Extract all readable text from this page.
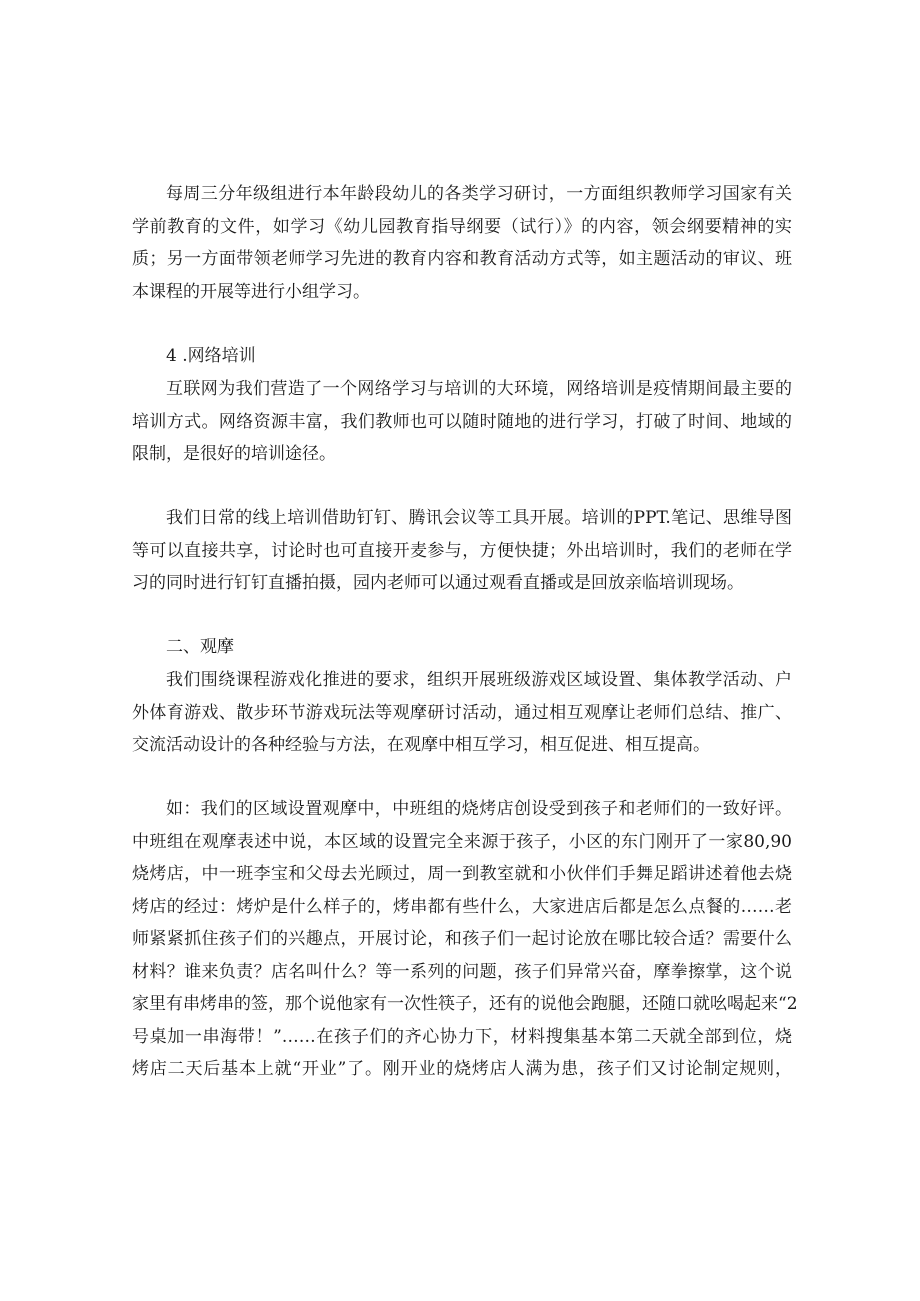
每周三分年级组进行本年龄段幼儿的各类学习研讨，一方面组织教师学习国家有关
学前教育的文件，如学习《幼儿园教育指导纲要（试行）》的内容，领会纲要精神的实
质；另一方面带领老师学习先进的教育内容和教育活动方式等，如主题活动的审议、班
本课程的开展等进行小组学习。
4 .网络培训
互联网为我们营造了一个网络学习与培训的大环境，网络培训是疫情期间最主要的
培训方式。网络资源丰富，我们教师也可以随时随地的进行学习，打破了时间、地域的
限制，是很好的培训途径。
我们日常的线上培训借助钉钉、腾讯会议等工具开展。培训的PPT.笔记、思维导图
等可以直接共享，讨论时也可直接开麦参与，方便快捷；外出培训时，我们的老师在学
习的同时进行钉钉直播拍摄，园内老师可以通过观看直播或是回放亲临培训现场。
二、观摩
我们围绕课程游戏化推进的要求，组织开展班级游戏区域设置、集体教学活动、户
外体育游戏、散步环节游戏玩法等观摩研讨活动，通过相互观摩让老师们总结、推广、
交流活动设计的各种经验与方法，在观摩中相互学习，相互促进、相互提高。
如：我们的区域设置观摩中，中班组的烧烤店创设受到孩子和老师们的一致好评。
中班组在观摩表述中说，本区域的设置完全来源于孩子，小区的东门刚开了一家80,90
烧烤店，中一班李宝和父母去光顾过，周一到教室就和小伙伴们手舞足蹈讲述着他去烧
烤店的经过：烤炉是什么样子的，烤串都有些什么，大家进店后都是怎么点餐的……老
师紧紧抓住孩子们的兴趣点，开展讨论，和孩子们一起讨论放在哪比较合适？需要什么
材料？谁来负责？店名叫什么？等一系列的问题，孩子们异常兴奋，摩拳擦掌，这个说
家里有串烤串的签，那个说他家有一次性筷子，还有的说他会跑腿，还随口就吆喝起来“2
号桌加一串海带！”……在孩子们的齐心协力下，材料搜集基本第二天就全部到位，烧
烤店二天后基本上就“开业”了。刚开业的烧烤店人满为患，孩子们又讨论制定规则，
